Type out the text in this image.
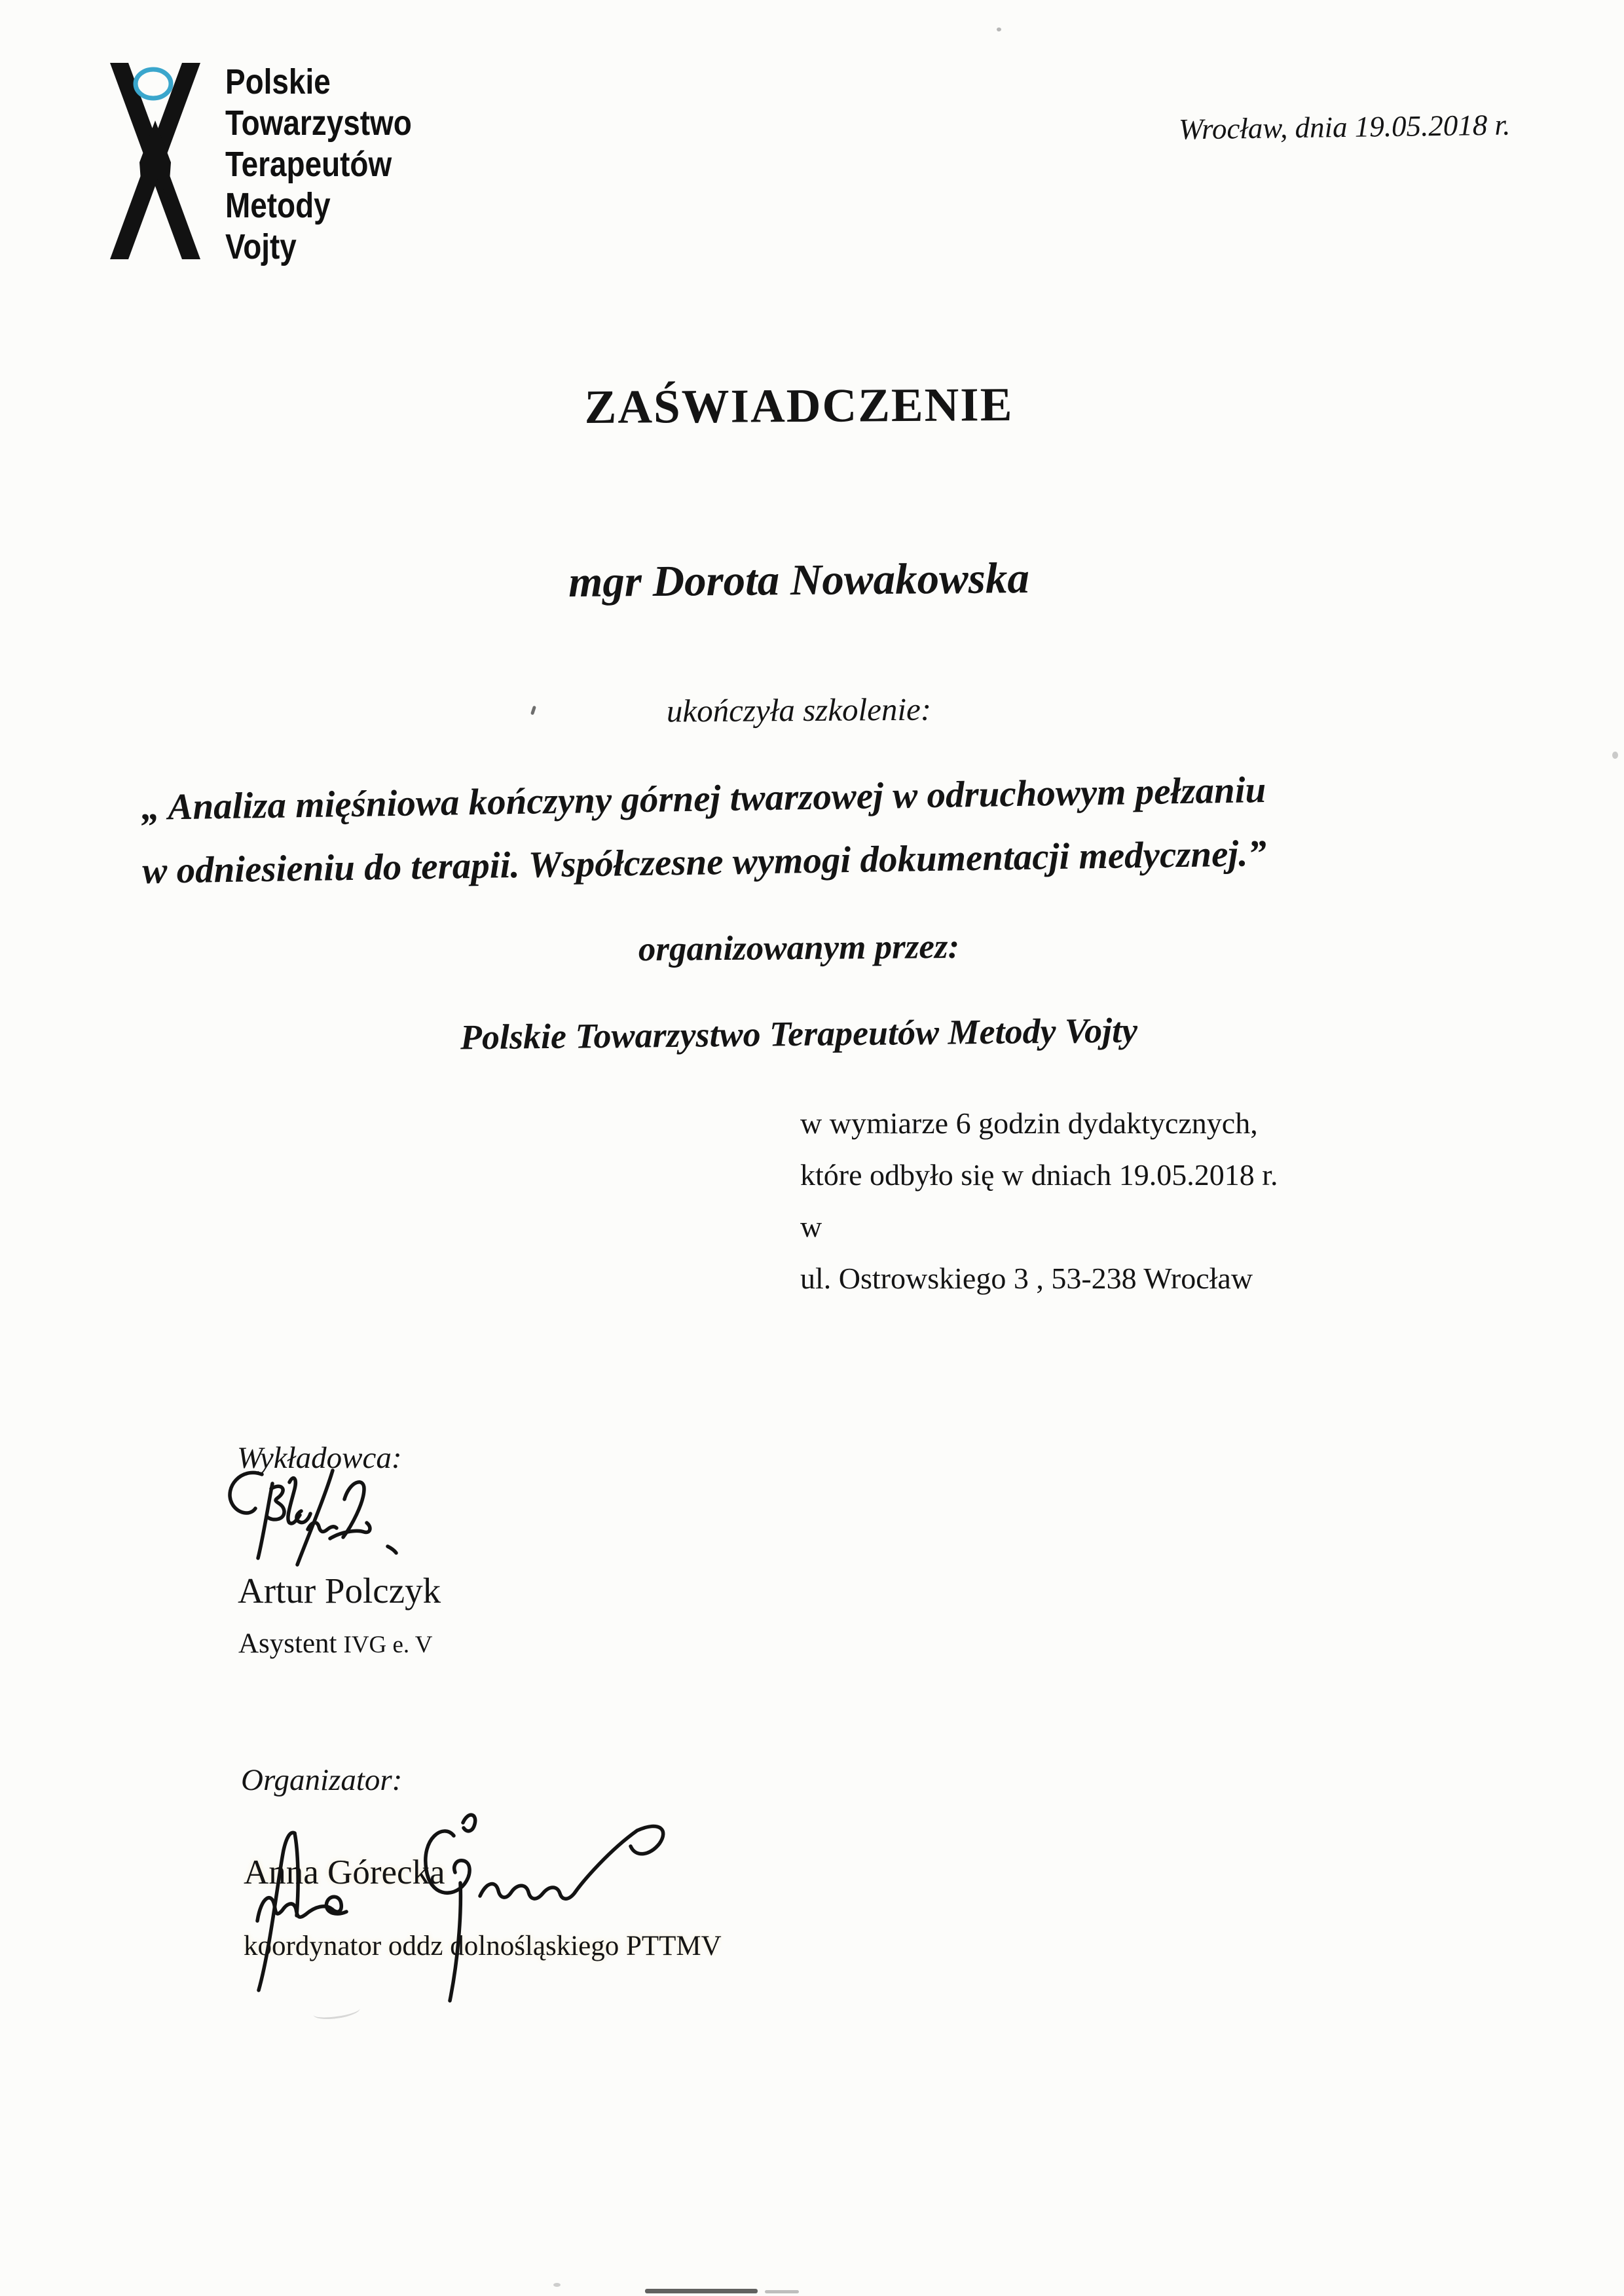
Polskie
Towarzystwo
Terapeutów
Metody
Vojty
Wrocław, dnia 19.05.2018 r.
ZAŚWIADCZENIE
mgr Dorota Nowakowska
ukończyła szkolenie:
„ Analiza mięśniowa kończyny górnej twarzowej w odruchowym pełzaniu
w odniesieniu do terapii. Współczesne wymogi dokumentacji medycznej.”
organizowanym przez:
Polskie Towarzystwo Terapeutów Metody Vojty
w wymiarze 6 godzin dydaktycznych,
które odbyło się w dniach 19.05.2018 r.
w
ul. Ostrowskiego 3 , 53-238 Wrocław
Wykładowca:
Artur Polczyk
Asystent IVG e. V
Organizator:
Anna Górecka
koordynator oddz dolnośląskiego PTTMV
